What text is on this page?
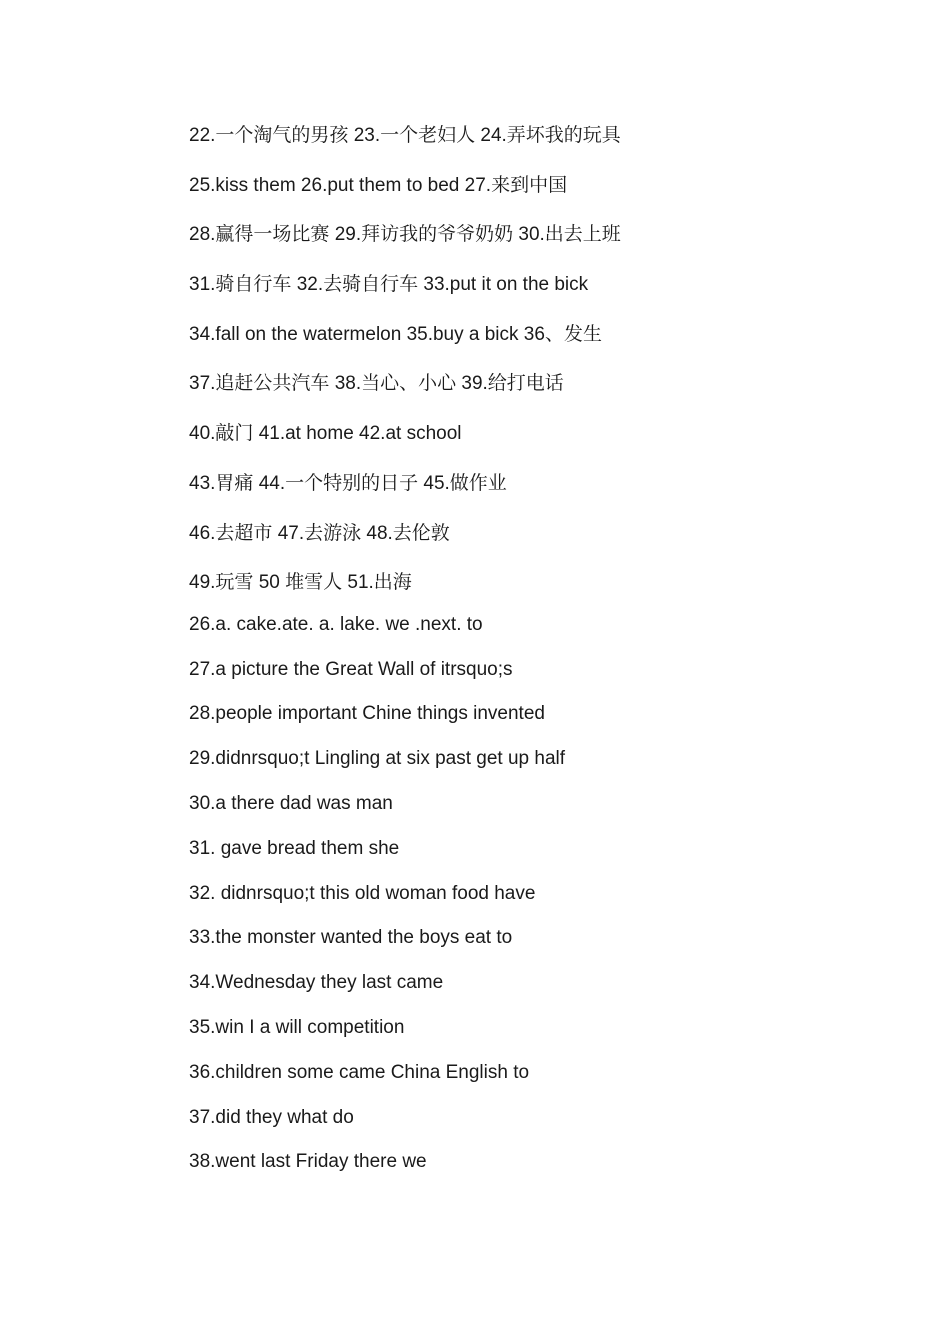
22.一个淘气的男孩 23.一个老妇人 24.弄坏我的玩具

25.kiss them 26.put them to bed 27.来到中国

28.赢得一场比赛 29.拜访我的爷爷奶奶 30.出去上班

31.骑自行车 32.去骑自行车 33.put it on the bick

34.fall on the watermelon 35.buy a bick 36、发生

37.追赶公共汽车 38.当心、小心 39.给打电话

40.敲门 41.at home 42.at school

43.胃痛 44.一个特别的日子 45.做作业

46.去超市 47.去游泳 48.去伦敦

49.玩雪 50 堆雪人 51.出海

26.a. cake.ate. a. lake. we .next. to

27.a picture the Great Wall of itrsquo;s

28.people important Chine things invented

29.didnrsquo;t Lingling at six past get up half

30.a there dad was man

31. gave bread them she

32. didnrsquo;t this old woman food have

33.the monster wanted the boys eat to

34.Wednesday they last came

35.win I a will competition

36.children some came China English to

37.did they what do

38.went last Friday there we
